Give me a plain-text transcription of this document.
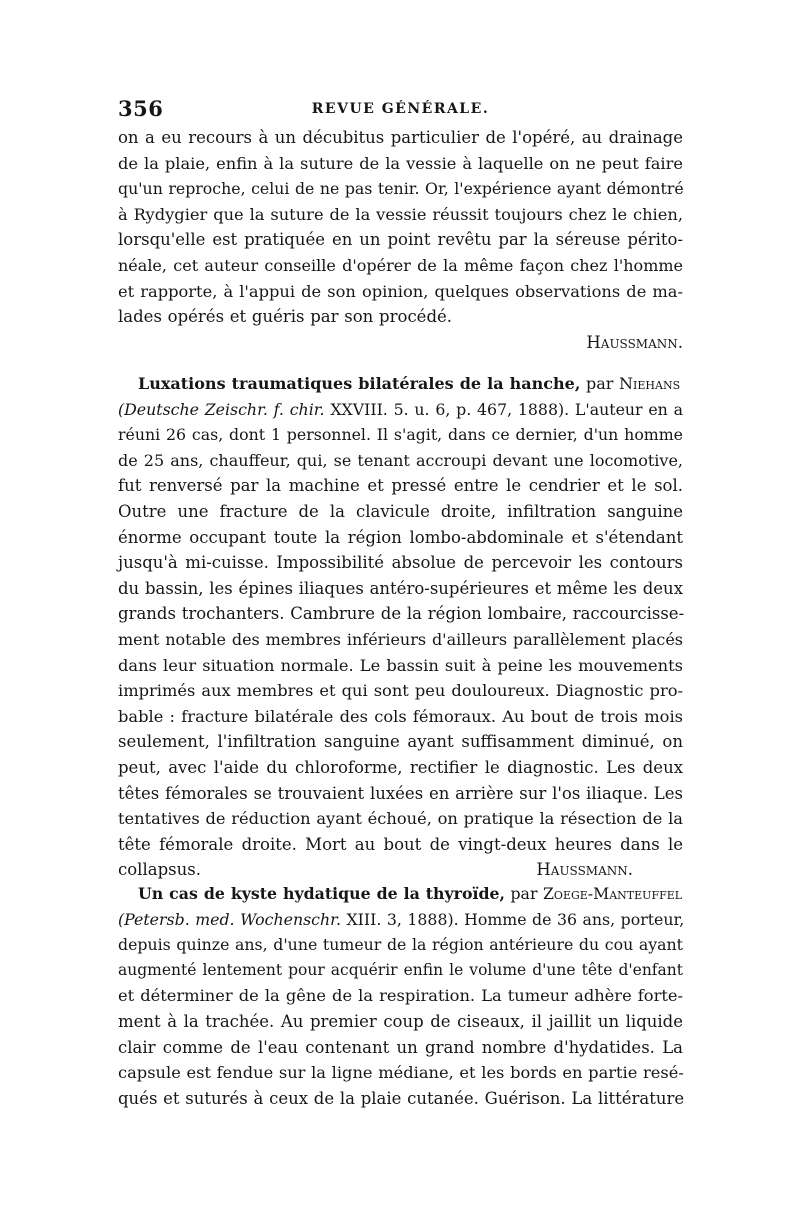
356	REVUE GÉNÉRALE.
on a eu recours à un décubitus particulier de l'opéré, au drainage
de la plaie, enfin à la suture de la vessie à laquelle on ne peut faire
qu'un reproche, celui de ne pas tenir. Or, l'expérience ayant démontré
à Rydygier que la suture de la vessie réussit toujours chez le chien,
lorsqu'elle est pratiquée en un point revêtu par la séreuse périto-
néale, cet auteur conseille d'opérer de la même façon chez l'homme
et rapporte, à l'appui de son opinion, quelques observations de ma-
lades opérés et guéris par son procédé.
Haussmann.
Luxations traumatiques bilatérales de la hanche, par Niehans
(Deutsche Zeischr. f. chir. XXVIII. 5. u. 6, p. 467, 1888). L'auteur en a
réuni 26 cas, dont 1 personnel. Il s'agit, dans ce dernier, d'un homme
de 25 ans, chauffeur, qui, se tenant accroupi devant une locomotive,
fut renversé par la machine et pressé entre le cendrier et le sol.
Outre une fracture de la clavicule droite, infiltration sanguine
énorme occupant toute la région lombo-abdominale et s'étendant
jusqu'à mi-cuisse. Impossibilité absolue de percevoir les contours
du bassin, les épines iliaques antéro-supérieures et même les deux
grands trochanters. Cambrure de la région lombaire, raccourcisse-
ment notable des membres inférieurs d'ailleurs parallèlement placés
dans leur situation normale. Le bassin suit à peine les mouvements
imprimés aux membres et qui sont peu douloureux. Diagnostic pro-
bable : fracture bilatérale des cols fémoraux. Au bout de trois mois
seulement, l'infiltration sanguine ayant suffisamment diminué, on
peut, avec l'aide du chloroforme, rectifier le diagnostic. Les deux
têtes fémorales se trouvaient luxées en arrière sur l'os iliaque. Les
tentatives de réduction ayant échoué, on pratique la résection de la
tête fémorale droite. Mort au bout de vingt-deux heures dans le
collapsus.	Haussmann.
Un cas de kyste hydatique de la thyroïde, par Zoege-Manteuffel
(Petersb. med. Wochenschr. XIII. 3, 1888). Homme de 36 ans, porteur,
depuis quinze ans, d'une tumeur de la région antérieure du cou ayant
augmenté lentement pour acquérir enfin le volume d'une tête d'enfant
et déterminer de la gêne de la respiration. La tumeur adhère forte-
ment à la trachée. Au premier coup de ciseaux, il jaillit un liquide
clair comme de l'eau contenant un grand nombre d'hydatides. La
capsule est fendue sur la ligne médiane, et les bords en partie resé-
qués et suturés à ceux de la plaie cutanée. Guérison. La littérature
